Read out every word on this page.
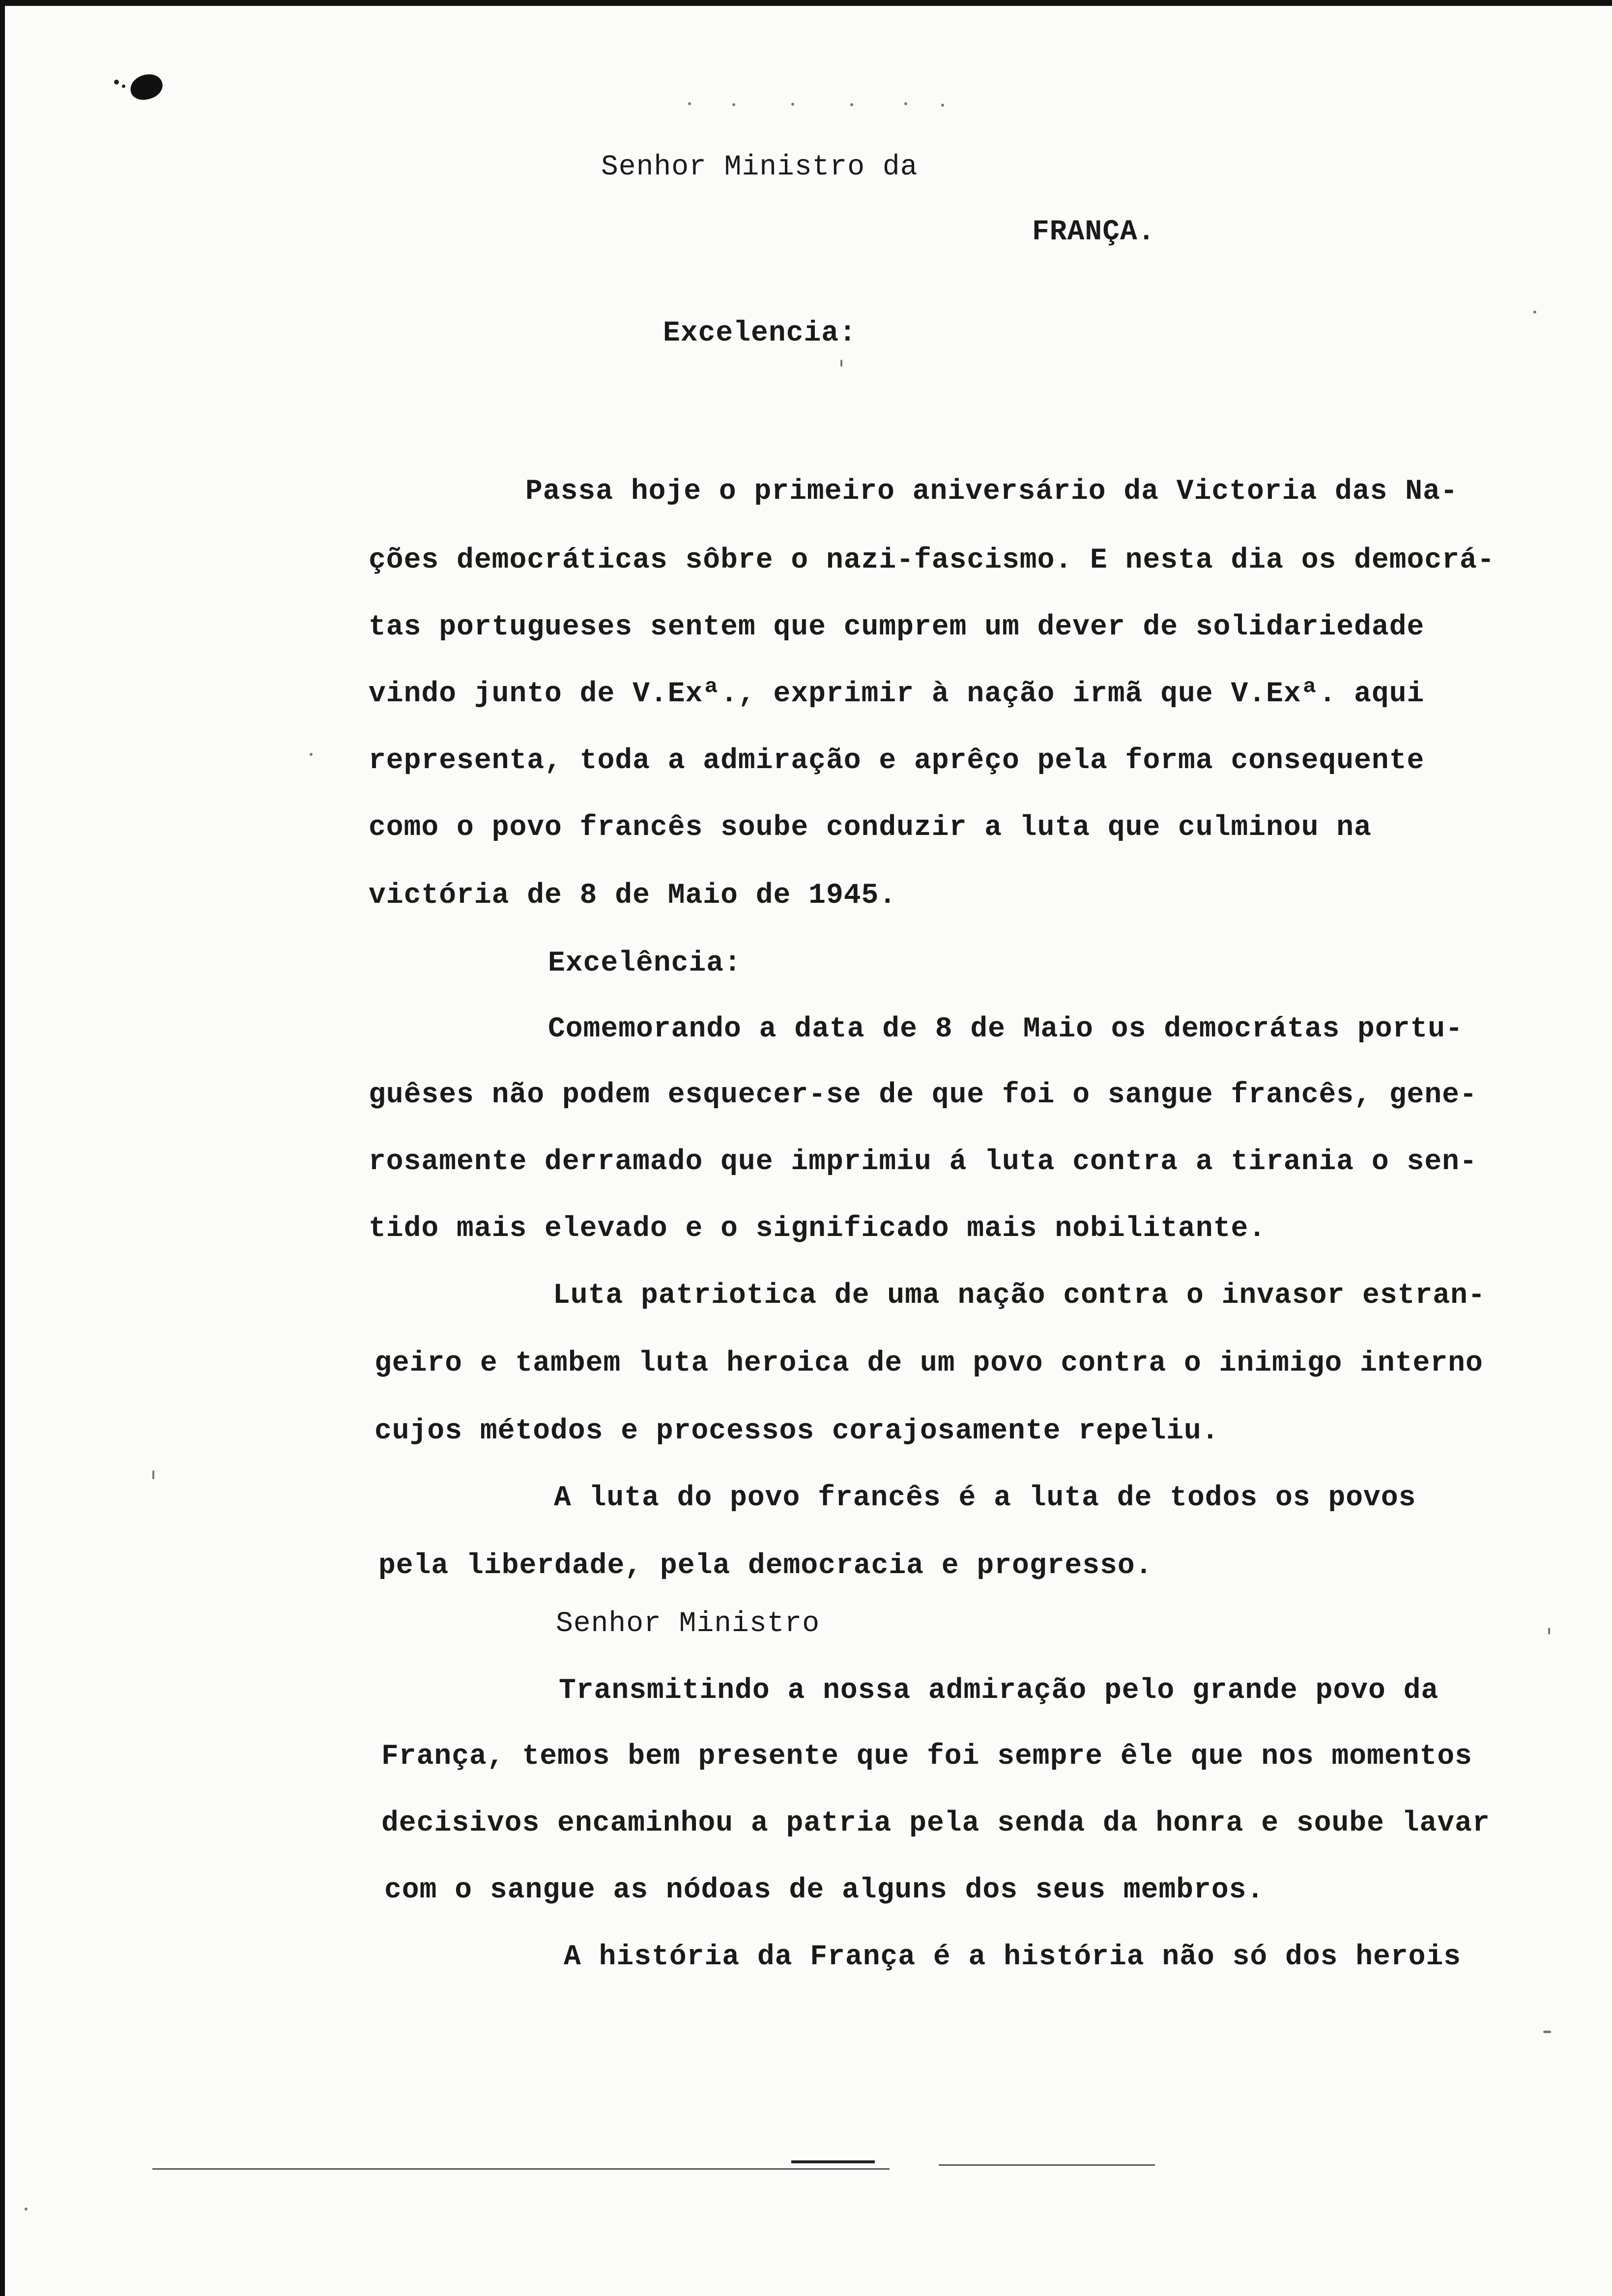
Senhor Ministro da
FRANÇA.
Excelencia:
Passa hoje o primeiro aniversário da Victoria das Na-
ções democráticas sôbre o nazi-fascismo. E nesta dia os democrá-
tas portugueses sentem que cumprem um dever de solidariedade
vindo junto de V.Exª., exprimir à nação irmã que V.Exª. aqui
representa, toda a admiração e aprêço pela forma consequente
como o povo francês soube conduzir a luta que culminou na
victória de 8 de Maio de 1945.
Excelência:
Comemorando a data de 8 de Maio os democrátas portu-
guêses não podem esquecer-se de que foi o sangue francês, gene-
rosamente derramado que imprimiu á luta contra a tirania o sen-
tido mais elevado e o significado mais nobilitante.
Luta patriotica de uma nação contra o invasor estran-
geiro e tambem luta heroica de um povo contra o inimigo interno
cujos métodos e processos corajosamente repeliu.
A luta do povo francês é a luta de todos os povos
pela liberdade, pela democracia e progresso.
Senhor Ministro
Transmitindo a nossa admiração pelo grande povo da
França, temos bem presente que foi sempre êle que nos momentos
decisivos encaminhou a patria pela senda da honra e soube lavar
com o sangue as nódoas de alguns dos seus membros.
A história da França é a história não só dos herois
